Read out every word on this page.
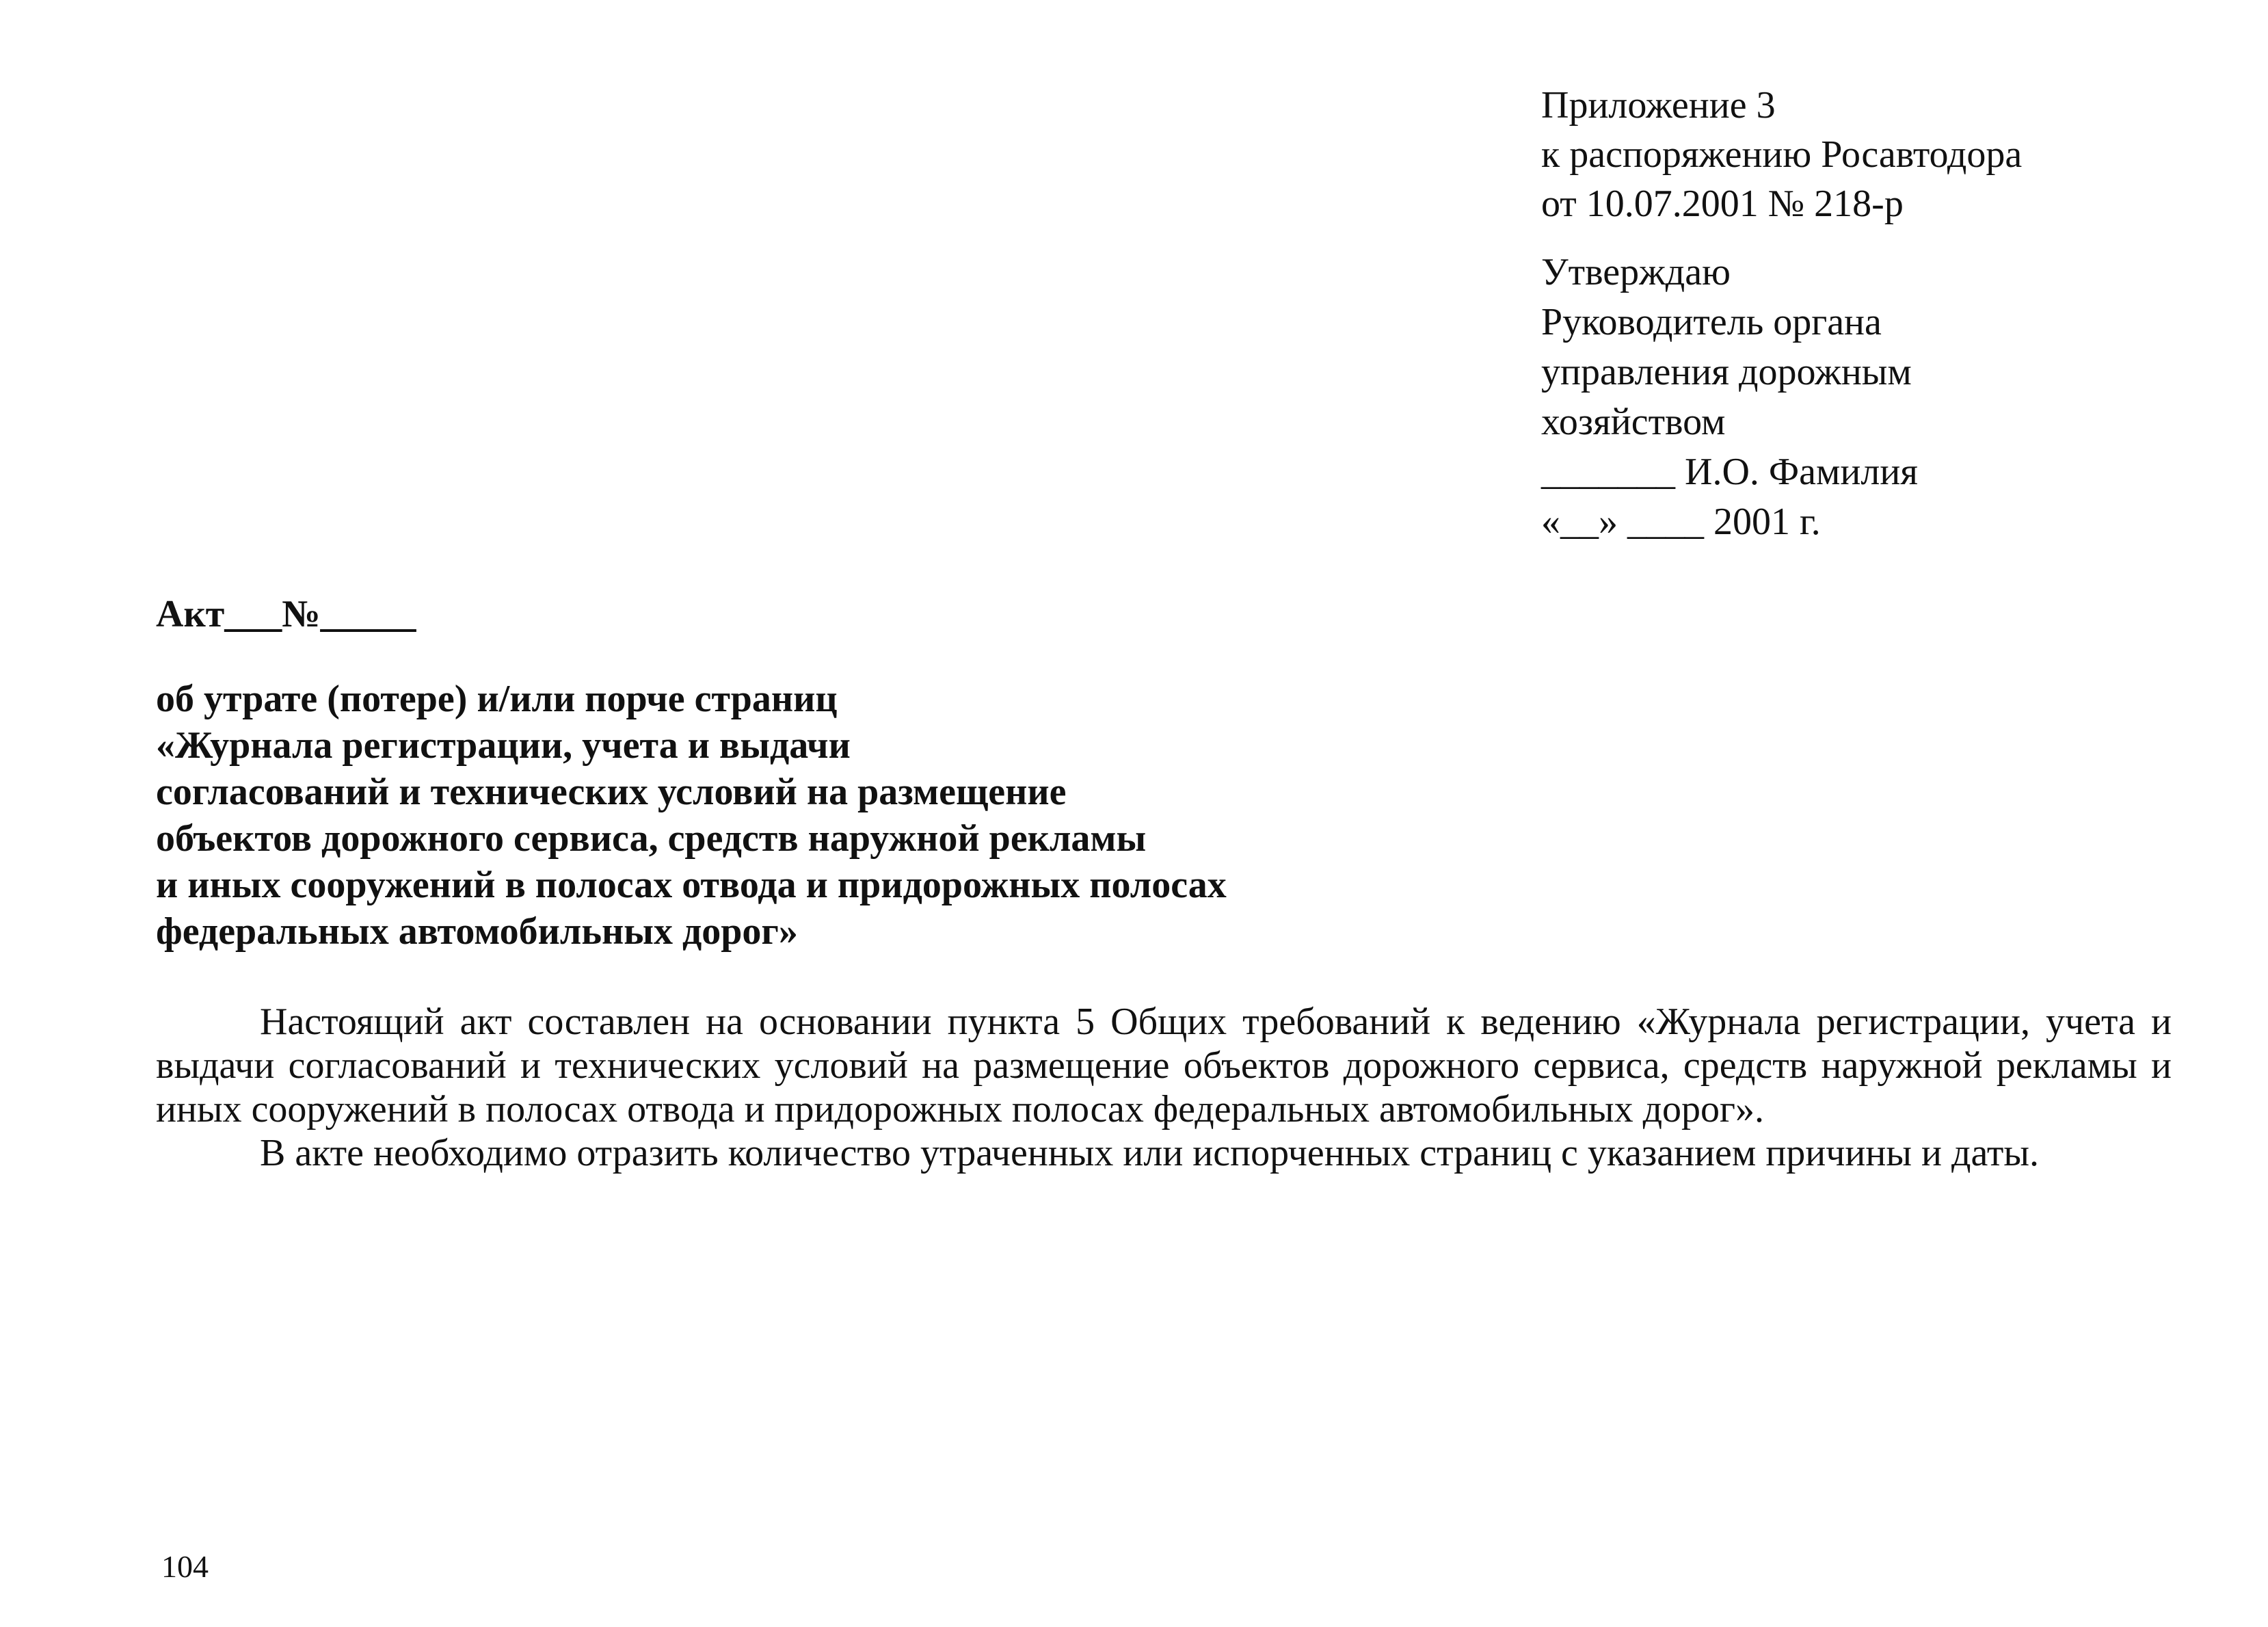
Приложение 3
к распоряжению Росавтодора
от 10.07.2001 № 218-р
Утверждаю
Руководитель органа
управления дорожным
хозяйством
_______ И.О. Фамилия
«__» ____ 2001 г.
Акт___№_____
об утрате (потере) и/или порче страниц
«Журнала регистрации, учета и выдачи
согласований и технических условий на размещение
объектов дорожного сервиса, средств наружной рекламы
и иных сооружений в полосах отвода и придорожных полосах
федеральных автомобильных дорог»

Настоящий акт составлен на основании пункта 5 Общих требований к ведению «Журнала регистрации, учета и выдачи согласований и технических условий на размещение объектов дорожного сервиса, средств наружной рекламы и иных сооружений в полосах отвода и придорожных полосах федеральных автомобильных дорог».

В акте необходимо отразить количество утраченных или испорченных страниц с указанием причины и даты.

104
